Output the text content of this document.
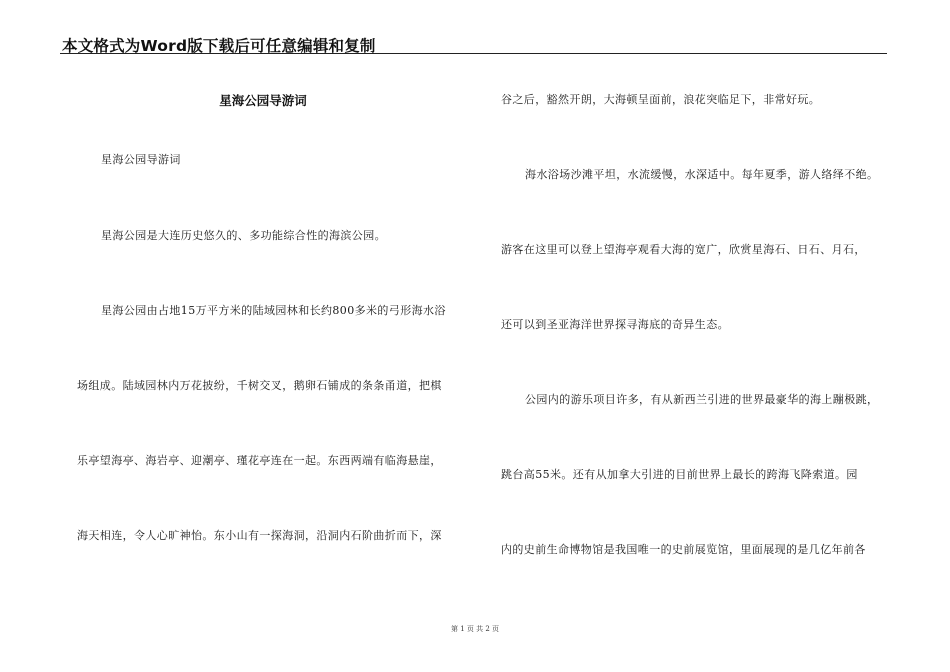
本文格式为Word版下载后可任意编辑和复制
星海公园导游词
星海公园导游词
星海公园是大连历史悠久的、多功能综合性的海滨公园。
星海公园由占地15万平方米的陆域园林和长约800多米的弓形海水浴
场组成。陆域园林内万花披纷，千树交叉，鹅卵石铺成的条条甬道，把棋
乐亭望海亭、海岩亭、迎潮亭、瑾花亭连在一起。东西两端有临海悬崖，
海天相连，令人心旷神怡。东小山有一探海洞，沿洞内石阶曲折而下，深
谷之后，豁然开朗，大海顿呈面前，浪花突临足下，非常好玩。
海水浴场沙滩平坦，水流缓慢，水深适中。每年夏季，游人络绎不绝。
游客在这里可以登上望海亭观看大海的宽广，欣赏星海石、日石、月石，
还可以到圣亚海洋世界探寻海底的奇异生态。
公园内的游乐项目许多，有从新西兰引进的世界最豪华的海上蹦极跳，
跳台高55米。还有从加拿大引进的目前世界上最长的跨海飞降索道。园
内的史前生命博物馆是我国唯一的史前展览馆，里面展现的是几亿年前各
第 1 页 共 2 页
